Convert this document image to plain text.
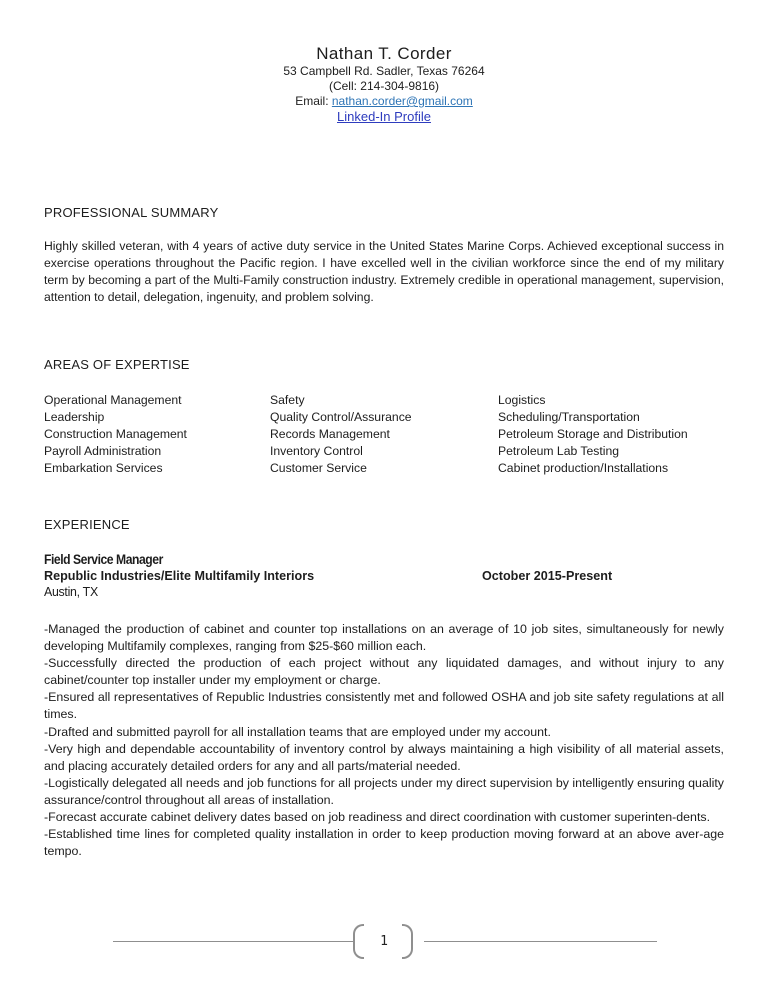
Nathan T. Corder
53 Campbell Rd. Sadler, Texas 76264
(Cell: 214-304-9816)
Email: nathan.corder@gmail.com
Linked-In Profile
PROFESSIONAL SUMMARY

Highly skilled veteran, with 4 years of active duty service in the United States Marine Corps. Achieved exceptional success in exercise operations throughout the Pacific region. I have excelled well in the civilian workforce since the end of my military term by becoming a part of the Multi-Family construction industry. Extremely credible in operational management, supervision, attention to detail, delegation, ingenuity, and problem solving.

AREAS OF EXPERTISE
Operational Management
Leadership
Construction Management
Payroll Administration
Embarkation Services
Safety
Quality Control/Assurance
Records Management
Inventory Control
Customer Service
Logistics
Scheduling/Transportation
Petroleum Storage and Distribution
Petroleum Lab Testing
Cabinet production/Installations
EXPERIENCE
Field Service Manager
Republic Industries/Elite Multifamily Interiors	October 2015-Present
Austin, TX

-Managed the production of cabinet and counter top installations on an average of 10 job sites, simultaneously for newly developing Multifamily complexes, ranging from $25-$60 million each.

-Successfully directed the production of each project without any liquidated damages, and without injury to any cabinet/counter top installer under my employment or charge.

-Ensured all representatives of Republic Industries consistently met and followed OSHA and job site safety regulations at all times.

-Drafted and submitted payroll for all installation teams that are employed under my account.

-Very high and dependable accountability of inventory control by always maintaining a high visibility of all material assets, and placing accurately detailed orders for any and all parts/material needed.

-Logistically delegated all needs and job functions for all projects under my direct supervision by intelligently ensuring quality assurance/control throughout all areas of installation.

-Forecast accurate cabinet delivery dates based on job readiness and direct coordination with customer superinten-dents.

-Established time lines for completed quality installation in order to keep production moving forward at an above aver-age tempo.

1
